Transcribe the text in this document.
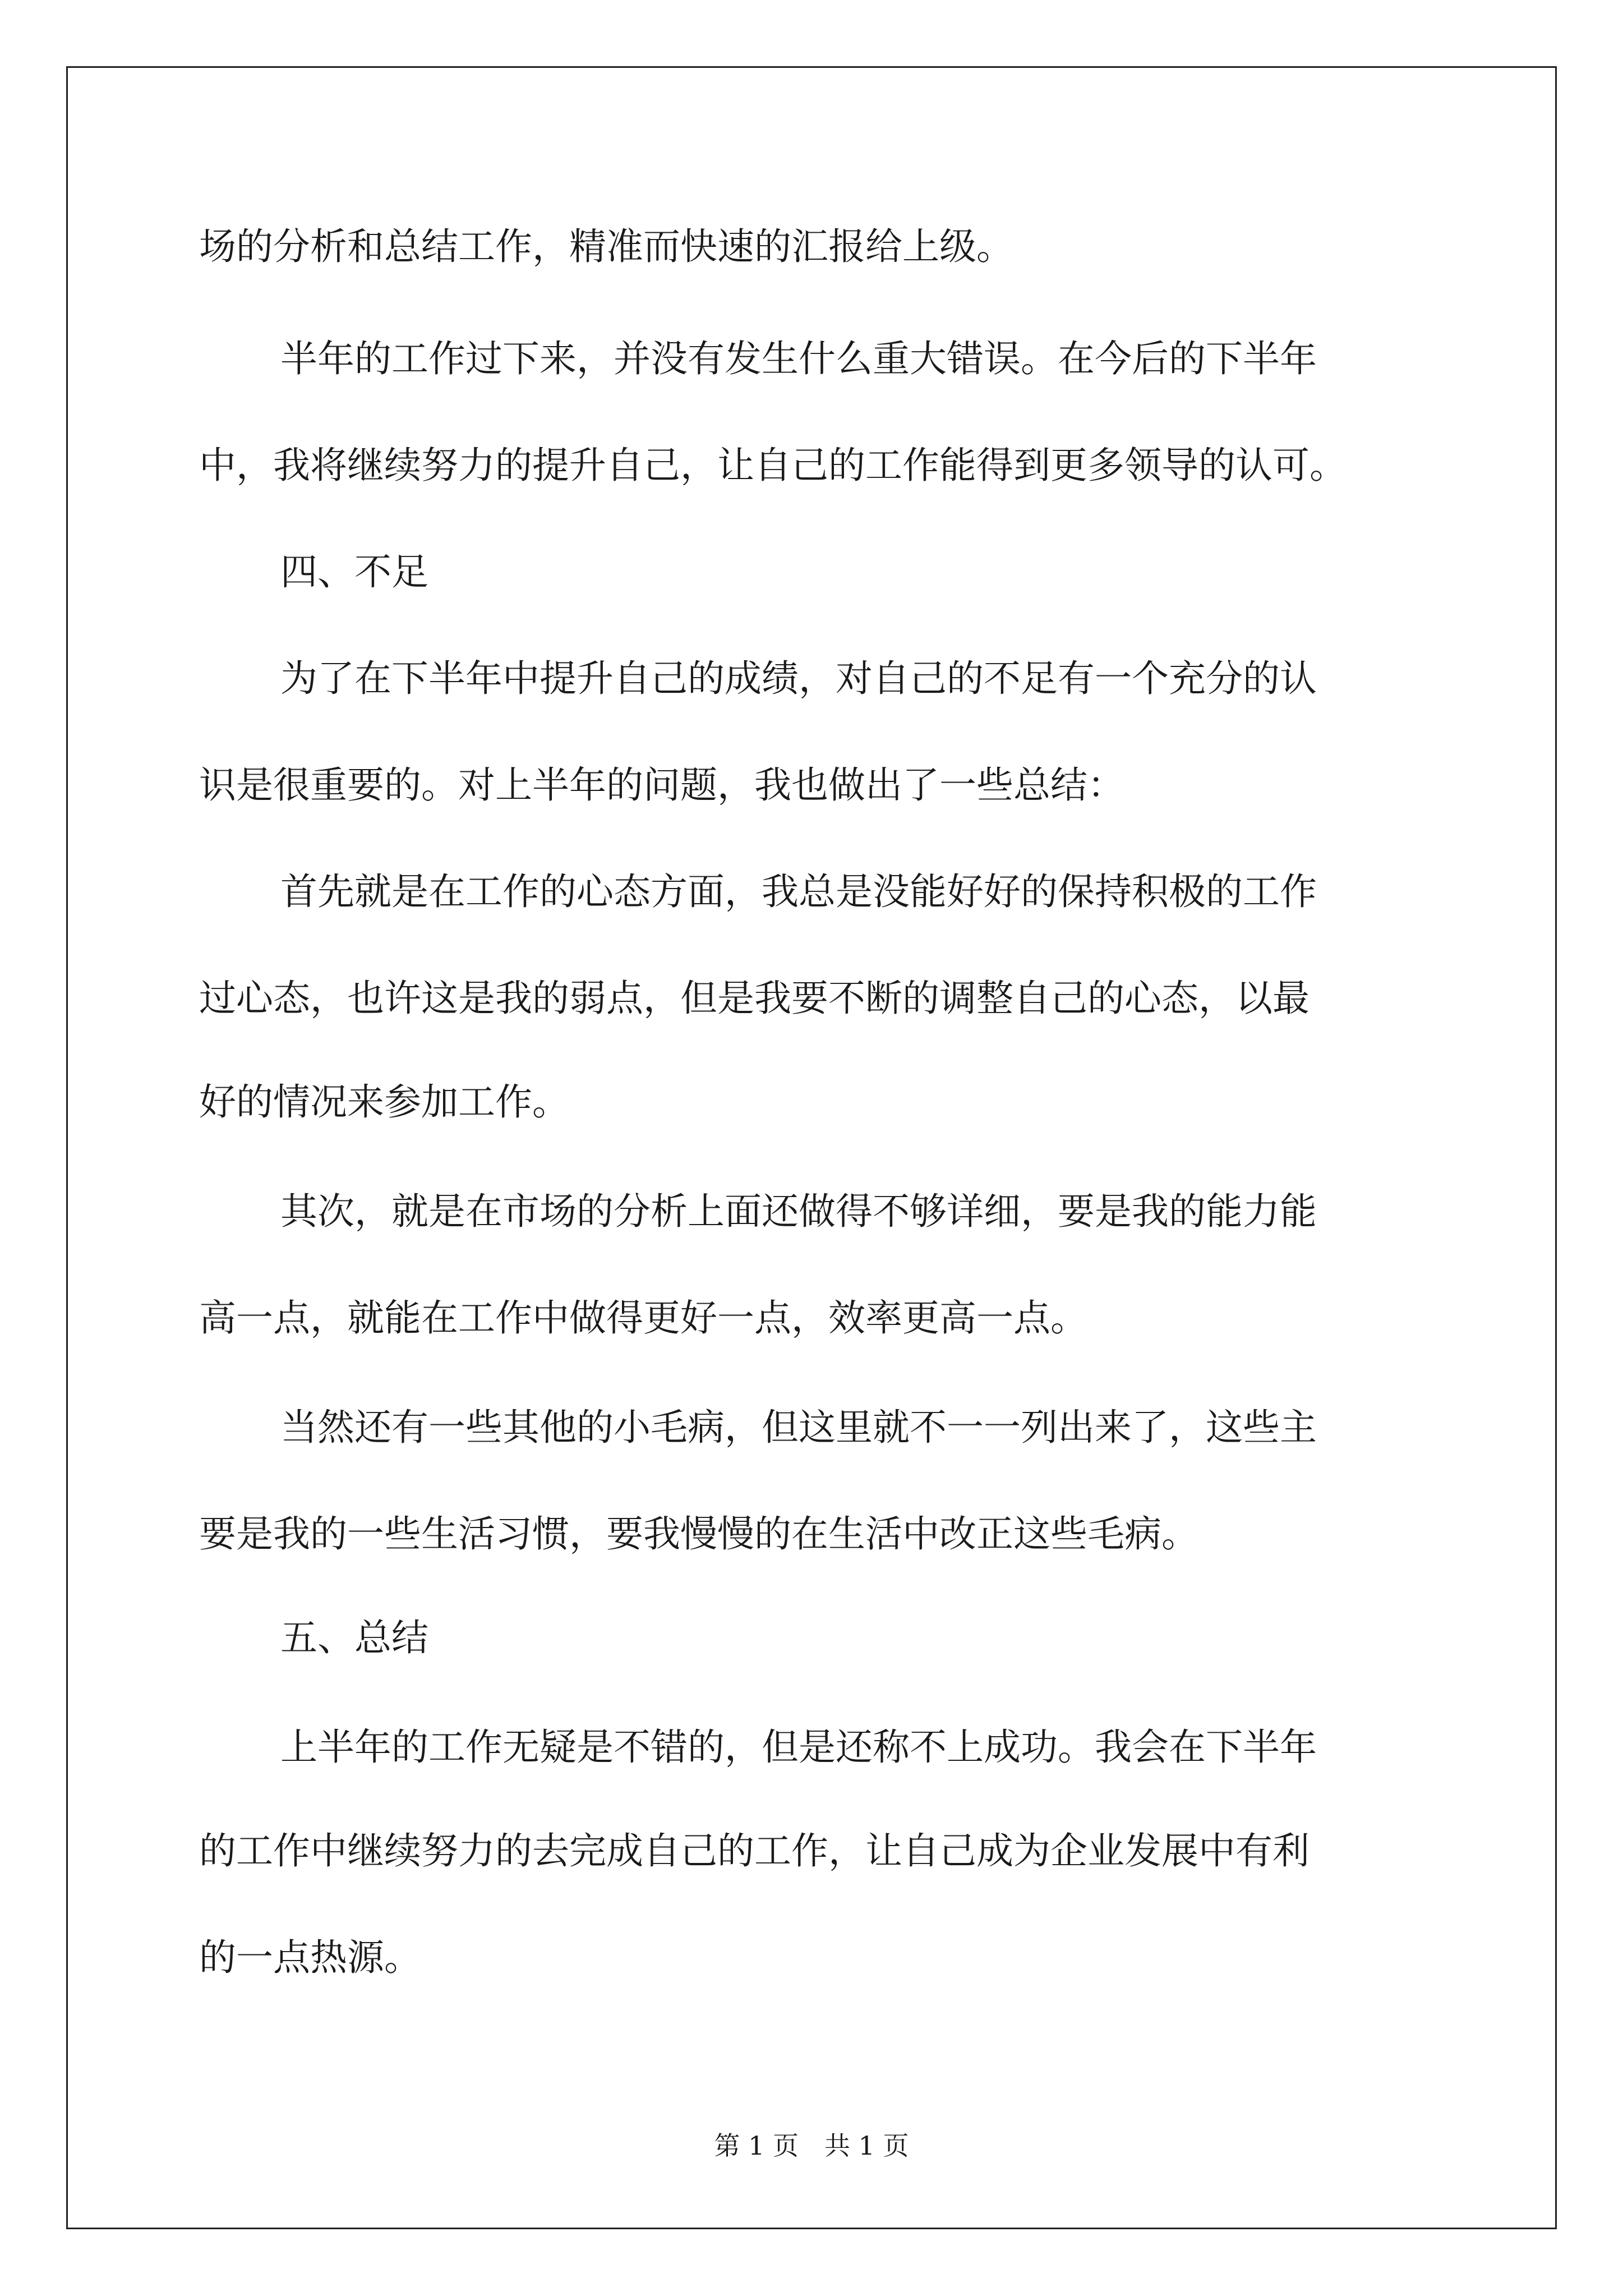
场的分析和总结工作，精准而快速的汇报给上级。

半年的工作过下来，并没有发生什么重大错误。在今后的下半年

中，我将继续努力的提升自己，让自己的工作能得到更多领导的认可。

四、不足

为了在下半年中提升自己的成绩，对自己的不足有一个充分的认

识是很重要的。对上半年的问题，我也做出了一些总结：

首先就是在工作的心态方面，我总是没能好好的保持积极的工作

过心态，也许这是我的弱点，但是我要不断的调整自己的心态，以最

好的情况来参加工作。

其次，就是在市场的分析上面还做得不够详细，要是我的能力能

高一点，就能在工作中做得更好一点，效率更高一点。

当然还有一些其他的小毛病，但这里就不一一列出来了，这些主

要是我的一些生活习惯，要我慢慢的在生活中改正这些毛病。

五、总结

上半年的工作无疑是不错的，但是还称不上成功。我会在下半年

的工作中继续努力的去完成自己的工作，让自己成为企业发展中有利

的一点热源。

第 1 页　共 1 页
